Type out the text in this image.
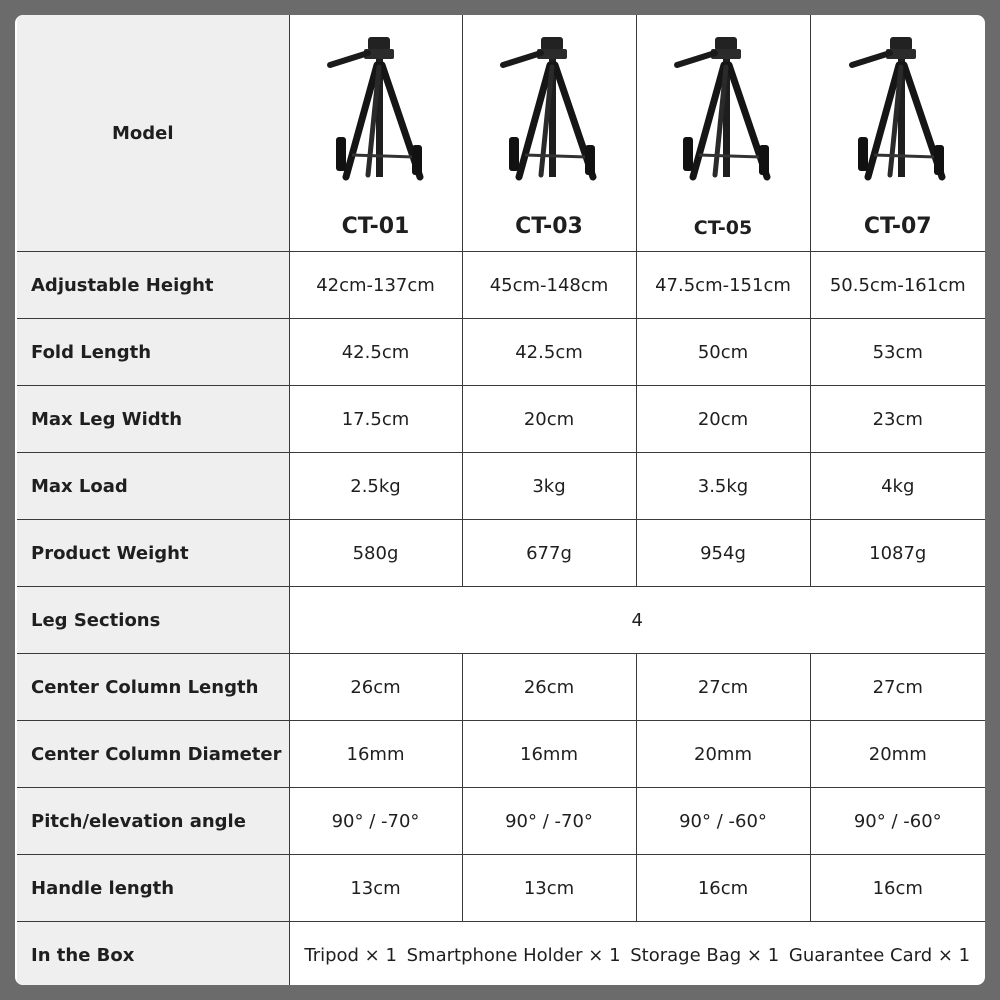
Model	CT-01	CT-03	CT-05	CT-07

Adjustable Height	42cm-137cm	45cm-148cm	47.5cm-151cm	50.5cm-161cm
Fold Length	42.5cm	42.5cm	50cm	53cm
Max Leg Width	17.5cm	20cm	20cm	23cm
Max Load	2.5kg	3kg	3.5kg	4kg
Product Weight	580g	677g	954g	1087g
Leg Sections	4			
Center Column Length	26cm	26cm	27cm	27cm
Center Column Diameter	16mm	16mm	20mm	20mm
Pitch/elevation angle	90° / -70°	90° / -70°	90° / -60°	90° / -60°
Handle length	13cm	13cm	16cm	16cm
In the Box	Tripod × 1 Smartphone Holder × 1 Storage Bag × 1 Guarantee Card × 1			
